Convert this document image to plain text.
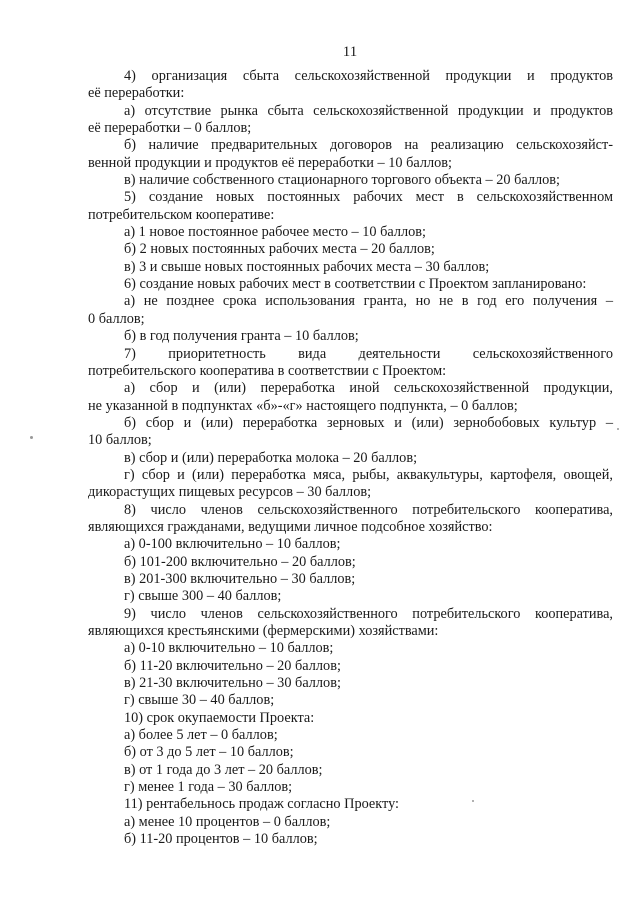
11
4) организация сбыта сельскохозяйственной продукции и продуктов
её переработки:
а) отсутствие рынка сбыта сельскохозяйственной продукции и продуктов
её переработки – 0 баллов;
б) наличие предварительных договоров на реализацию сельскохозяйст-
венной продукции и продуктов её переработки – 10 баллов;
в) наличие собственного стационарного торгового объекта – 20 баллов;
5) создание новых постоянных рабочих мест в сельскохозяйственном
потребительском кооперативе:
а) 1 новое постоянное рабочее место – 10 баллов;
б) 2 новых постоянных рабочих места – 20 баллов;
в) 3 и свыше новых постоянных рабочих места – 30 баллов;
6) создание новых рабочих мест в соответствии с Проектом запланировано:
а) не позднее срока использования гранта, но не в год его получения –
0 баллов;
б) в год получения гранта – 10 баллов;
7) приоритетность вида деятельности сельскохозяйственного
потребительского кооператива в соответствии с Проектом:
а) сбор и (или) переработка иной сельскохозяйственной продукции,
не указанной в подпунктах «б»-«г» настоящего подпункта, – 0 баллов;
б) сбор и (или) переработка зерновых и (или) зернобобовых культур –
10 баллов;
в) сбор и (или) переработка молока – 20 баллов;
г) сбор и (или) переработка мяса, рыбы, аквакультуры, картофеля, овощей,
дикорастущих пищевых ресурсов – 30 баллов;
8) число членов сельскохозяйственного потребительского кооператива,
являющихся гражданами, ведущими личное подсобное хозяйство:
а) 0-100 включительно – 10 баллов;
б) 101-200 включительно – 20 баллов;
в) 201-300 включительно – 30 баллов;
г) свыше 300 – 40 баллов;
9) число членов сельскохозяйственного потребительского кооператива,
являющихся крестьянскими (фермерскими) хозяйствами:
а) 0-10 включительно – 10 баллов;
б) 11-20 включительно – 20 баллов;
в) 21-30 включительно – 30 баллов;
г) свыше 30 – 40 баллов;
10) срок окупаемости Проекта:
а) более 5 лет – 0 баллов;
б) от 3 до 5 лет – 10 баллов;
в) от 1 года до 3 лет – 20 баллов;
г) менее 1 года – 30 баллов;
11) рентабельнось продаж согласно Проекту:
а) менее 10 процентов – 0 баллов;
б) 11-20 процентов – 10 баллов;
